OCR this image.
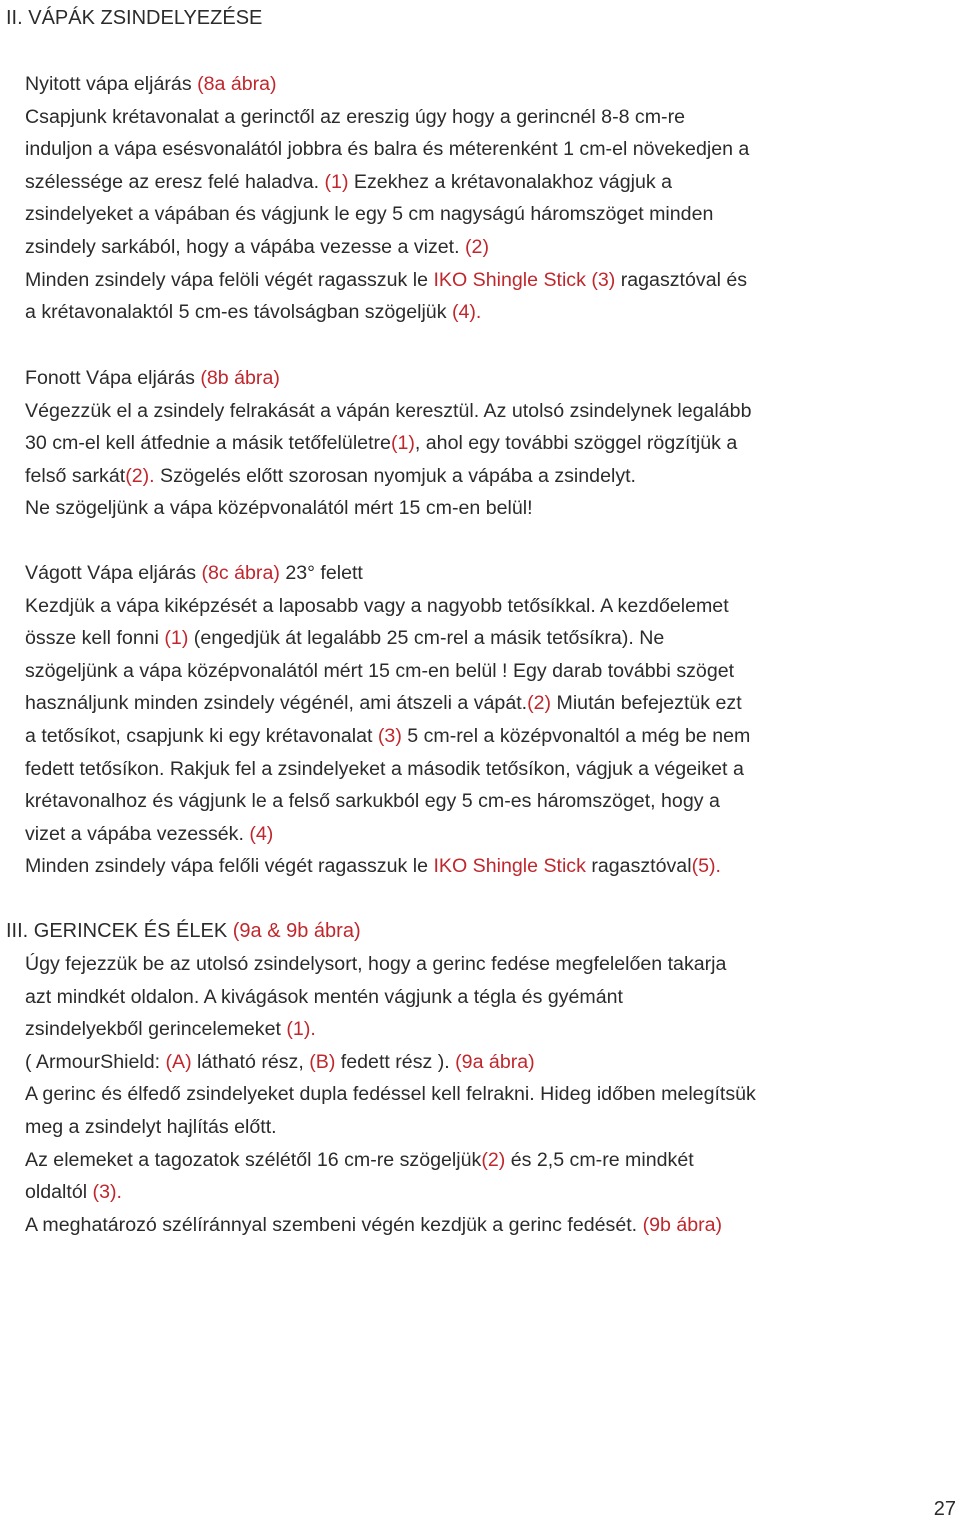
II. VÁPÁK ZSINDELYEZÉSE
Nyitott vápa eljárás (8a ábra)
Csapjunk krétavonalat a gerinctől az ereszig úgy hogy a gerincnél 8-8 cm-re
induljon a vápa esésvonalától jobbra és balra és méterenként 1 cm-el növekedjen a
szélessége az eresz felé haladva. (1) Ezekhez a krétavonalakhoz vágjuk a
zsindelyeket a vápában és vágjunk le egy 5 cm nagyságú háromszöget minden
zsindely sarkából, hogy a vápába vezesse a vizet. (2)
Minden zsindely vápa felöli végét ragasszuk le IKO Shingle Stick (3) ragasztóval és
a krétavonalaktól 5 cm-es távolságban szögeljük (4).
Fonott Vápa eljárás (8b ábra)
Végezzük el a zsindely felrakását a vápán keresztül. Az utolsó zsindelynek legalább
30 cm-el kell átfednie a másik tetőfelületre(1), ahol egy további szöggel rögzítjük a
felső sarkát(2). Szögelés előtt szorosan nyomjuk a vápába a zsindelyt.
Ne szögeljünk a vápa középvonalától mért 15 cm-en belül!
Vágott Vápa eljárás (8c ábra) 23° felett
Kezdjük a vápa kiképzését a laposabb vagy a nagyobb tetősíkkal. A kezdőelemet
össze kell fonni (1) (engedjük át legalább 25 cm-rel a másik tetősíkra). Ne
szögeljünk a vápa középvonalától mért 15 cm-en belül ! Egy darab további szöget
használjunk minden zsindely végénél, ami átszeli a vápát.(2) Miután befejeztük ezt
a tetősíkot, csapjunk ki egy krétavonalat (3) 5 cm-rel a középvonaltól a még be nem
fedett tetősíkon. Rakjuk fel a zsindelyeket a második tetősíkon, vágjuk a végeiket a
krétavonalhoz és vágjunk le a felső sarkukból egy 5 cm-es háromszöget, hogy a
vizet a vápába vezessék. (4)
Minden zsindely vápa felőli végét ragasszuk le IKO Shingle Stick ragasztóval(5).
III. GERINCEK ÉS ÉLEK (9a & 9b ábra)
Úgy fejezzük be az utolsó zsindelysort, hogy a gerinc fedése megfelelően takarja
azt mindkét oldalon. A kivágások mentén vágjunk a tégla és gyémánt
zsindelyekből gerincelemeket (1).
( ArmourShield: (A) látható rész, (B) fedett rész ). (9a ábra)
A gerinc és élfedő zsindelyeket dupla fedéssel kell felrakni. Hideg időben melegítsük
meg a zsindelyt hajlítás előtt.
Az elemeket a tagozatok szélétől 16 cm-re szögeljük(2) és 2,5 cm-re mindkét
oldaltól (3).
A meghatározó szélíránnyal szembeni végén kezdjük a gerinc fedését. (9b ábra)
27
